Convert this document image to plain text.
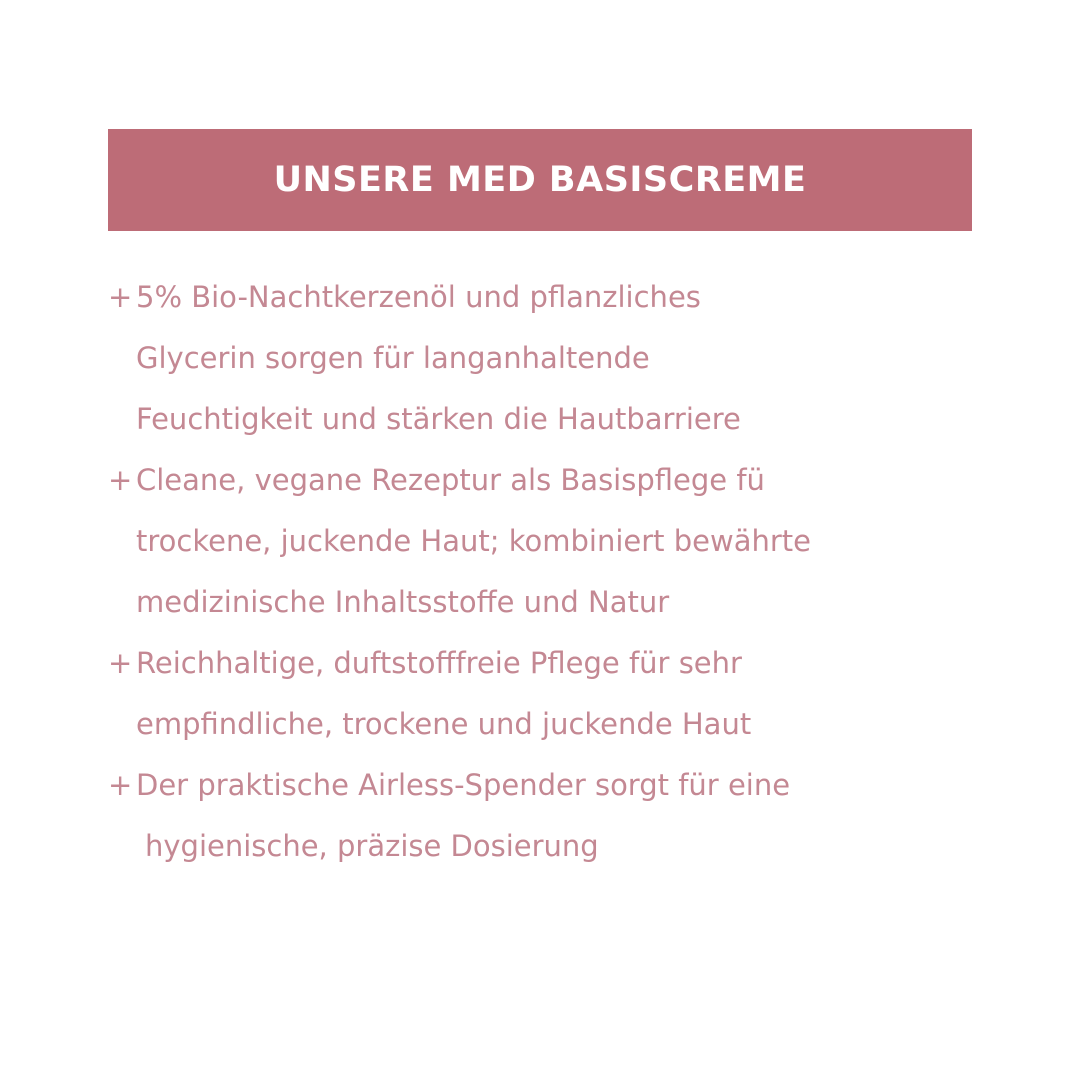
UNSERE MED BASISCREME
+ 5% Bio-Nachtkerzenöl und pflanzliches
Glycerin sorgen für langanhaltende
Feuchtigkeit und stärken die Hautbarriere
+ Cleane, vegane Rezeptur als Basispflege fü
trockene, juckende Haut; kombiniert bewährte
medizinische Inhaltsstoffe und Natur
+ Reichhaltige, duftstofffreie Pflege für sehr
empfindliche, trockene und juckende Haut
+ Der praktische Airless-Spender sorgt für eine
hygienische, präzise Dosierung
